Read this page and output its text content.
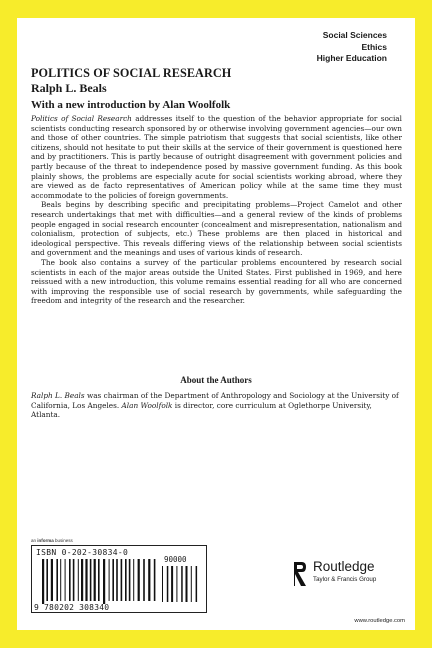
Social Sciences
Ethics
Higher Education
POLITICS OF SOCIAL RESEARCH
Ralph L. Beals
With a new introduction by Alan Woolfolk

Politics of Social Research addresses itself to the question of the behavior appropriate for social scientists conducting research sponsored by or otherwise involving government agencies—our own and those of other countries. The simple patriotism that suggests that social scientists, like other citizens, should not hesitate to put their skills at the service of their government is questioned here and by practitioners. This is partly because of outright disagreement with government policies and partly because of the threat to independence posed by massive government funding. As this book plainly shows, the problems are especially acute for social scientists working abroad, where they are viewed as de facto representatives of American policy while at the same time they must accommodate to the policies of foreign governments.

Beals begins by describing specific and precipitating problems—Project Camelot and other research undertakings that met with difficulties—and a general review of the kinds of problems people engaged in social research encounter (concealment and misrepresentation, nationalism and colonialism, protection of subjects, etc.) These problems are then placed in historical and ideological perspective. This reveals differing views of the relationship between social scientists and government and the meanings and uses of various kinds of research.

The book also contains a survey of the particular problems encountered by research social scientists in each of the major areas outside the United States. First published in 1969, and here reissued with a new introduction, this volume remains essential reading for all who are concerned with improving the responsible use of social research by governments, while safeguarding the freedom and integrity of the research and the researcher.

About the Authors

Ralph L. Beals was chairman of the Department of Anthropology and Sociology at the University of California, Los Angeles. Alan Woolfolk is director, core curriculum at Oglethorpe University, Atlanta.

an informa business
ISBN 0-202-30834-0
90000
9 780202 308340
Routledge
Taylor & Francis Group
www.routledge.com
